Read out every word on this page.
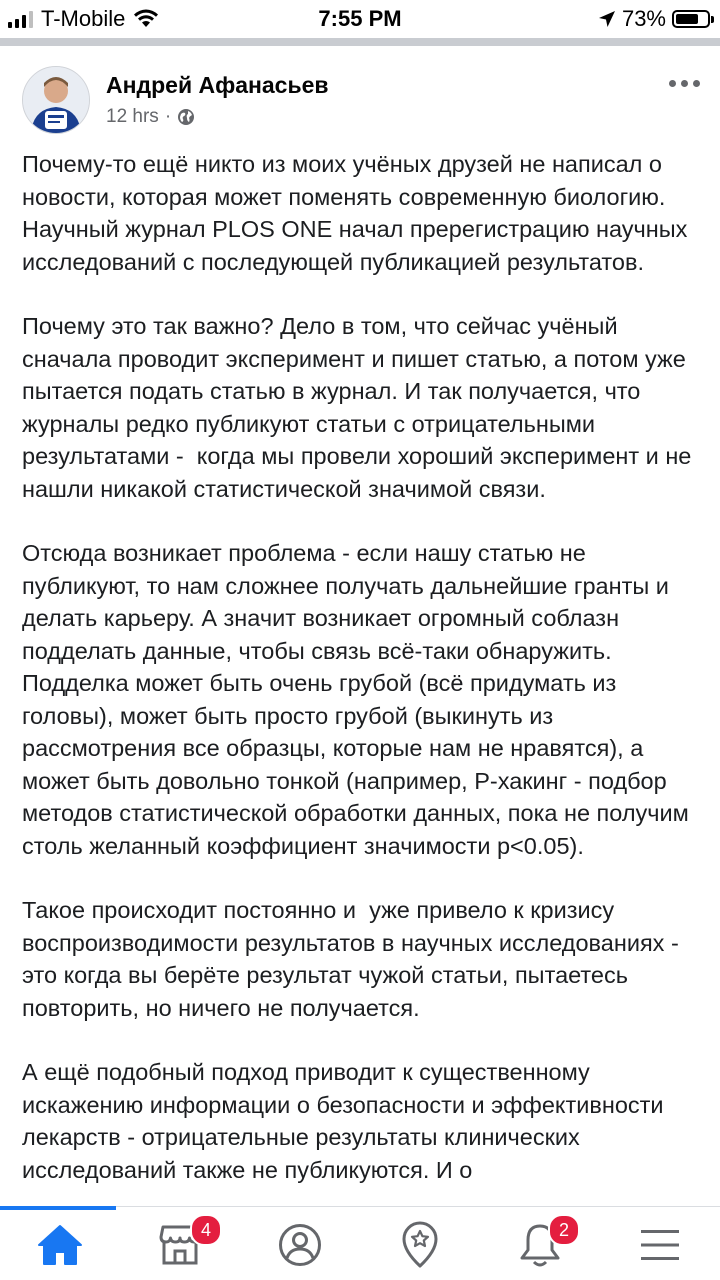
T-Mobile	7:55 PM	73%
Андрей Афанасьев
12 hrs ·

Почему-то ещё никто из моих учёных друзей не написал о новости, которая может поменять современную биологию. Научный журнал PLOS ONE начал пререгистрацию научных исследований с последующей публикацией результатов.

Почему это так важно? Дело в том, что сейчас учёный сначала проводит эксперимент и пишет статью, а потом уже пытается подать статью в журнал. И так получается, что журналы редко публикуют статьи с отрицательными результатами -  когда мы провели хороший эксперимент и не нашли никакой статистической значимой связи.

Отсюда возникает проблема - если нашу статью не публикуют, то нам сложнее получать дальнейшие гранты и делать карьеру. А значит возникает огромный соблазн подделать данные, чтобы связь всё-таки обнаружить. Подделка может быть очень грубой (всё придумать из головы), может быть просто грубой (выкинуть из рассмотрения все образцы, которые нам не нравятся), а может быть довольно тонкой (например, P-хакинг - подбор методов статистической обработки данных, пока не получим столь желанный коэффициент значимости p<0.05).

Такое происходит постоянно и  уже привело к кризису воспроизводимости результатов в научных исследованиях - это когда вы берёте результат чужой статьи, пытаетесь повторить, но ничего не получается.

А ещё подобный подход приводит к существенному искажению информации о безопасности и эффективности лекарств - отрицательные результаты клинических исследований также не публикуются. И о

4	2
